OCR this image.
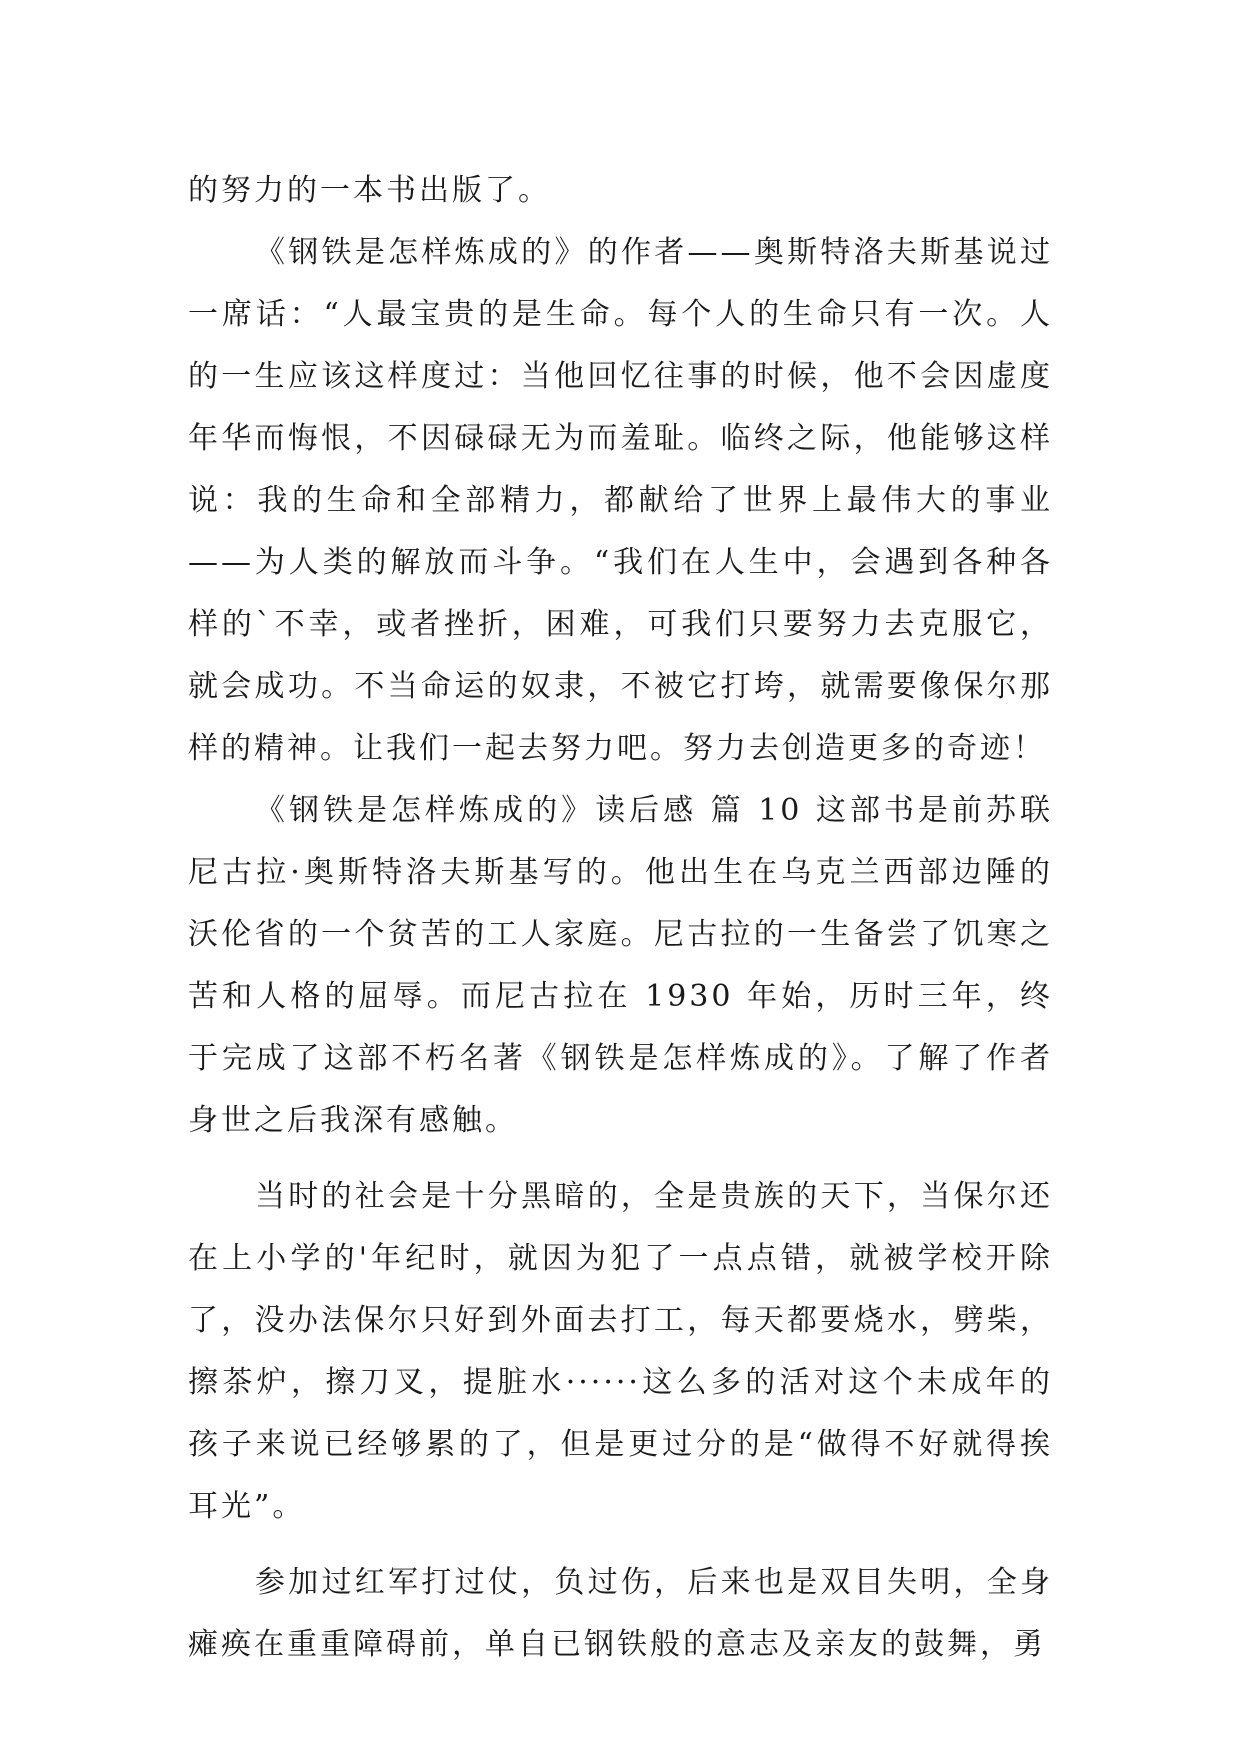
的努力的一本书出版了。

《钢铁是怎样炼成的》的作者——奥斯特洛夫斯基说过一席话：“人最宝贵的是生命。每个人的生命只有一次。人的一生应该这样度过：当他回忆往事的时候，他不会因虚度年华而悔恨，不因碌碌无为而羞耻。临终之际，他能够这样说：我的生命和全部精力，都献给了世界上最伟大的事业——为人类的解放而斗争。“我们在人生中，会遇到各种各样的`不幸，或者挫折，困难，可我们只要努力去克服它，就会成功。不当命运的奴隶，不被它打垮，就需要像保尔那样的精神。让我们一起去努力吧。努力去创造更多的奇迹！

《钢铁是怎样炼成的》读后感 篇 10 这部书是前苏联尼古拉·奥斯特洛夫斯基写的。他出生在乌克兰西部边陲的沃伦省的一个贫苦的工人家庭。尼古拉的一生备尝了饥寒之苦和人格的屈辱。而尼古拉在 1930 年始，历时三年，终于完成了这部不朽名著《钢铁是怎样炼成的》。了解了作者身世之后我深有感触。

当时的社会是十分黑暗的，全是贵族的天下，当保尔还在上小学的'年纪时，就因为犯了一点点错，就被学校开除了，没办法保尔只好到外面去打工，每天都要烧水，劈柴，擦茶炉，擦刀叉，提脏水······这么多的活对这个未成年的孩子来说已经够累的了，但是更过分的是“做得不好就得挨耳光”。

参加过红军打过仗，负过伤，后来也是双目失明，全身瘫痪在重重障碍前，单自已钢铁般的意志及亲友的鼓舞，勇
